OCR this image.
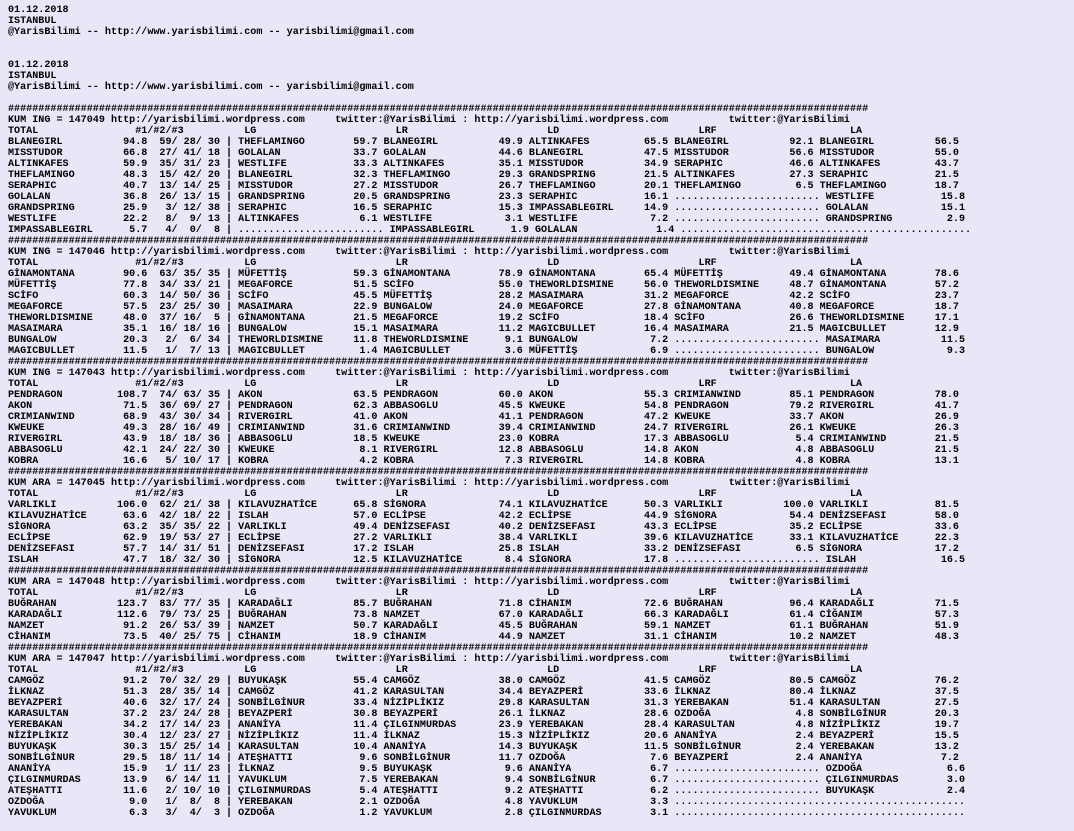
01.12.2018
ISTANBUL
@YarisBilimi -- http://www.yarisbilimi.com -- yarisbilimi@gmail.com

01.12.2018
ISTANBUL
@YarisBilimi -- http://www.yarisbilimi.com -- yarisbilimi@gmail.com

##############################################################################################################################################
KUM ING = 147049 http://yarisbilimi.wordpress.com     twitter:@YarisBilimi : http://yarisbilimi.wordpress.com          twitter:@YarisBilimi
TOTAL                #1/#2/#3          LG                       LR                       LD                       LRF                      LA
BLANEGIRL          94.8  59/ 28/ 30 | THEFLAMINGO        59.7 BLANEGIRL          49.9 ALTINKAFES         65.5 BLANEGIRL          92.1 BLANEGIRL          56.5
MISSTUDOR          66.8  27/ 41/ 18 | GOLALAN            33.7 GOLALAN            44.6 BLANEGIRL          47.5 MISSTUDOR          56.6 MISSTUDOR          55.0
ALTINKAFES         59.9  35/ 31/ 23 | WESTLIFE           33.3 ALTINKAFES         35.1 MISSTUDOR          34.9 SERAPHIC           46.6 ALTINKAFES         43.7
THEFLAMINGO        48.3  15/ 42/ 20 | BLANEGIRL          32.3 THEFLAMINGO        29.3 GRANDSPRING        21.5 ALTINKAFES         27.3 SERAPHIC           21.5
SERAPHIC           40.7  13/ 14/ 25 | MISSTUDOR          27.2 MISSTUDOR          26.7 THEFLAMINGO        20.1 THEFLAMINGO         6.5 THEFLAMINGO        18.7
GOLALAN            36.8  26/ 13/ 15 | GRANDSPRING        20.5 GRANDSPRING        23.3 SERAPHIC           16.1 ........................ WESTLIFE           15.8
GRANDSPRING        25.9   3/ 12/ 38 | SERAPHIC           16.5 SERAPHIC           15.3 IMPASSABLEGIRL     14.9 ........................ GOLALAN            15.1
WESTLIFE           22.2   8/  9/ 13 | ALTINKAFES          6.1 WESTLIFE            3.1 WESTLIFE            7.2 ........................ GRANDSPRING         2.9
IMPASSABLEGIRL      5.7   4/  0/  8 | ........................ IMPASSABLEGIRL      1.9 GOLALAN             1.4 ................................................
##############################################################################################################################################
KUM ING = 147046 http://yarisbilimi.wordpress.com     twitter:@YarisBilimi : http://yarisbilimi.wordpress.com          twitter:@YarisBilimi
TOTAL                #1/#2/#3          LG                       LR                       LD                       LRF                      LA
GİNAMONTANA        90.6  63/ 35/ 35 | MÜFETTİŞ           59.3 GİNAMONTANA        78.9 GİNAMONTANA        65.4 MÜFETTİŞ           49.4 GİNAMONTANA        78.6
MÜFETTİŞ           77.8  34/ 33/ 21 | MEGAFORCE          51.5 SCİFO              55.0 THEWORLDISMINE     56.0 THEWORLDISMINE     48.7 GİNAMONTANA        57.2
SCİFO              60.3  14/ 50/ 36 | SCİFO              45.5 MÜFETTİŞ           28.2 MASAIMARA          31.2 MEGAFORCE          42.2 SCİFO              23.7
MEGAFORCE          57.5  23/ 25/ 30 | MASAIMARA          22.9 BUNGALOW           24.0 MEGAFORCE          27.8 GİNAMONTANA        40.8 MEGAFORCE          18.7
THEWORLDISMINE     48.0  37/ 16/  5 | GİNAMONTANA        21.5 MEGAFORCE          19.2 SCİFO              18.4 SCİFO              26.6 THEWORLDISMINE     17.1
MASAIMARA          35.1  16/ 18/ 16 | BUNGALOW           15.1 MASAIMARA          11.2 MAGICBULLET        16.4 MASAIMARA          21.5 MAGICBULLET        12.9
BUNGALOW           20.3   2/  6/ 34 | THEWORLDISMINE     11.8 THEWORLDISMINE      9.1 BUNGALOW            7.2 ........................ MASAIMARA          11.5
MAGICBULLET        11.5   1/  7/ 13 | MAGICBULLET         1.4 MAGICBULLET         3.6 MÜFETTİŞ            6.9 ........................ BUNGALOW            9.3
##############################################################################################################################################
KUM ING = 147043 http://yarisbilimi.wordpress.com     twitter:@YarisBilimi : http://yarisbilimi.wordpress.com          twitter:@YarisBilimi
TOTAL                #1/#2/#3          LG                       LR                       LD                       LRF                      LA
PENDRAGON         108.7  74/ 63/ 35 | AKON               63.5 PENDRAGON          60.0 AKON               55.3 CRIMIANWIND        85.1 PENDRAGON          78.0
AKON               71.5  36/ 69/ 27 | PENDRAGON          62.3 ABBASOGLU          45.5 KWEUKE             54.8 PENDRAGON          79.2 RIVERGIRL          41.7
CRIMIANWIND        68.9  43/ 30/ 34 | RIVERGIRL          41.0 AKON               41.1 PENDRAGON          47.2 KWEUKE             33.7 AKON               26.9
KWEUKE             49.3  28/ 16/ 49 | CRIMIANWIND        31.6 CRIMIANWIND        39.4 CRIMIANWIND        24.7 RIVERGIRL          26.1 KWEUKE             26.3
RIVERGIRL          43.9  18/ 18/ 36 | ABBASOGLU          18.5 KWEUKE             23.0 KOBRA              17.3 ABBASOGLU           5.4 CRIMIANWIND        21.5
ABBASOGLU          42.1  24/ 22/ 30 | KWEUKE              8.1 RIVERGIRL          12.8 ABBASOGLU          14.8 AKON                4.8 ABBASOGLU          21.5
KOBRA              16.6   5/ 10/ 17 | KOBRA               4.2 KOBRA               7.3 RIVERGIRL          14.8 KOBRA               4.8 KOBRA              13.1
##############################################################################################################################################
KUM ARA = 147045 http://yarisbilimi.wordpress.com     twitter:@YarisBilimi : http://yarisbilimi.wordpress.com          twitter:@YarisBilimi
TOTAL                #1/#2/#3          LG                       LR                       LD                       LRF                      LA
VARLIKLI          106.0  62/ 21/ 38 | KILAVUZHATİCE      65.8 SİGNORA            74.1 KILAVUZHATİCE      50.3 VARLIKLI          100.0 VARLIKLI           81.5
KILAVUZHATİCE      63.6  42/ 18/ 22 | ISLAH              57.0 ECLİPSE            42.2 ECLİPSE            44.9 SİGNORA            54.4 DENİZSEFASI        58.0
SİGNORA            63.2  35/ 35/ 22 | VARLIKLI           49.4 DENİZSEFASI        40.2 DENİZSEFASI        43.3 ECLİPSE            35.2 ECLİPSE            33.6
ECLİPSE            62.9  19/ 53/ 27 | ECLİPSE            27.2 VARLIKLI           38.4 VARLIKLI           39.6 KILAVUZHATİCE      33.1 KILAVUZHATİCE      22.3
DENİZSEFASI        57.7  14/ 31/ 51 | DENİZSEFASI        17.2 ISLAH              25.8 ISLAH              33.2 DENİZSEFASI         6.5 SİGNORA            17.2
ISLAH              47.7  18/ 32/ 30 | SİGNORA            12.5 KILAVUZHATİCE       8.4 SİGNORA            17.8 ........................ ISLAH              16.5
##############################################################################################################################################
KUM ARA = 147048 http://yarisbilimi.wordpress.com     twitter:@YarisBilimi : http://yarisbilimi.wordpress.com          twitter:@YarisBilimi
TOTAL                #1/#2/#3          LG                       LR                       LD                       LRF                      LA
BUĞRAHAN          123.7  83/ 77/ 35 | KARADAĞLI          85.7 BUĞRAHAN           71.8 CİHANIM            72.6 BUĞRAHAN           96.4 KARADAĞLI          71.5
KARADAĞLI         112.6  79/ 73/ 25 | BUĞRAHAN           73.8 NAMZET             67.0 KARADAĞLI          66.3 KARADAĞLI          61.4 CİĞANIM            57.3
NAMZET             91.2  26/ 53/ 39 | NAMZET             50.7 KARADAĞLI          45.5 BUĞRAHAN           59.1 NAMZET             61.1 BUĞRAHAN           51.9
CİHANIM            73.5  40/ 25/ 75 | CİHANIM            18.9 CİHANIM            44.9 NAMZET             31.1 CİHANIM            10.2 NAMZET             48.3
##############################################################################################################################################
KUM ARA = 147047 http://yarisbilimi.wordpress.com     twitter:@YarisBilimi : http://yarisbilimi.wordpress.com          twitter:@YarisBilimi
TOTAL                #1/#2/#3          LG                       LR                       LD                       LRF                      LA
CAMGÖZ             91.2  70/ 32/ 29 | BUYUKAŞK           55.4 CAMGÖZ             38.0 CAMGÖZ             41.5 CAMGÖZ             80.5 CAMGÖZ             76.2
İLKNAZ             51.3  28/ 35/ 14 | CAMGÖZ             41.2 KARASULTAN         34.4 BEYAZPERİ          33.6 İLKNAZ             80.4 İLKNAZ             37.5
BEYAZPERİ          40.6  32/ 17/ 24 | SONBİLGİNUR        33.4 NİZİPLİKIZ         29.8 KARASULTAN         31.3 YEREBAKAN          51.4 KARASULTAN         27.5
KARASULTAN         37.2  23/ 24/ 28 | BEYAZPERİ          30.8 BEYAZPERİ          26.1 İLKNAZ             28.6 OZDOĞA              4.8 SONBİLGİNUR        20.3
YEREBAKAN          34.2  17/ 14/ 23 | ANANİYA            11.4 ÇILGINMURDAS       23.9 YEREBAKAN          28.4 KARASULTAN          4.8 NİZİPLİKIZ         19.7
NİZİPLİKIZ         30.4  12/ 23/ 27 | NİZİPLİKIZ         11.4 İLKNAZ             15.3 NİZİPLİKIZ         20.6 ANANİYA             2.4 BEYAZPERİ          15.5
BUYUKAŞK           30.3  15/ 25/ 14 | KARASULTAN         10.4 ANANİYA            14.3 BUYUKAŞK           11.5 SONBİLGİNUR         2.4 YEREBAKAN          13.2
SONBİLGİNUR        29.5  18/ 11/ 14 | ATEŞHATTI           9.6 SONBİLGİNUR        11.7 OZDOĞA              7.6 BEYAZPERİ           2.4 ANANİYA             7.2
ANANİYA            15.9   1/ 11/ 23 | İLKNAZ              9.5 BUYUKAŞK            9.6 ANANİYA             6.7 ........................ OZDOĞA              6.6
ÇILGINMURDAS       13.9   6/ 14/ 11 | YAVUKLUM            7.5 YEREBAKAN           9.4 SONBİLGİNUR         6.7 ........................ ÇILGINMURDAS        3.0
ATEŞHATTI          11.6   2/ 10/ 10 | ÇILGINMURDAS        5.4 ATEŞHATTI           9.2 ATEŞHATTI           6.2 ........................ BUYUKAŞK            2.4
OZDOĞA              9.0   1/  8/  8 | YEREBAKAN           2.1 OZDOĞA              4.8 YAVUKLUM            3.3 ................................................
YAVUKLUM            6.3   3/  4/  3 | OZDOĞA              1.2 YAVUKLUM            2.8 ÇILGINMURDAS        3.1 ................................................
